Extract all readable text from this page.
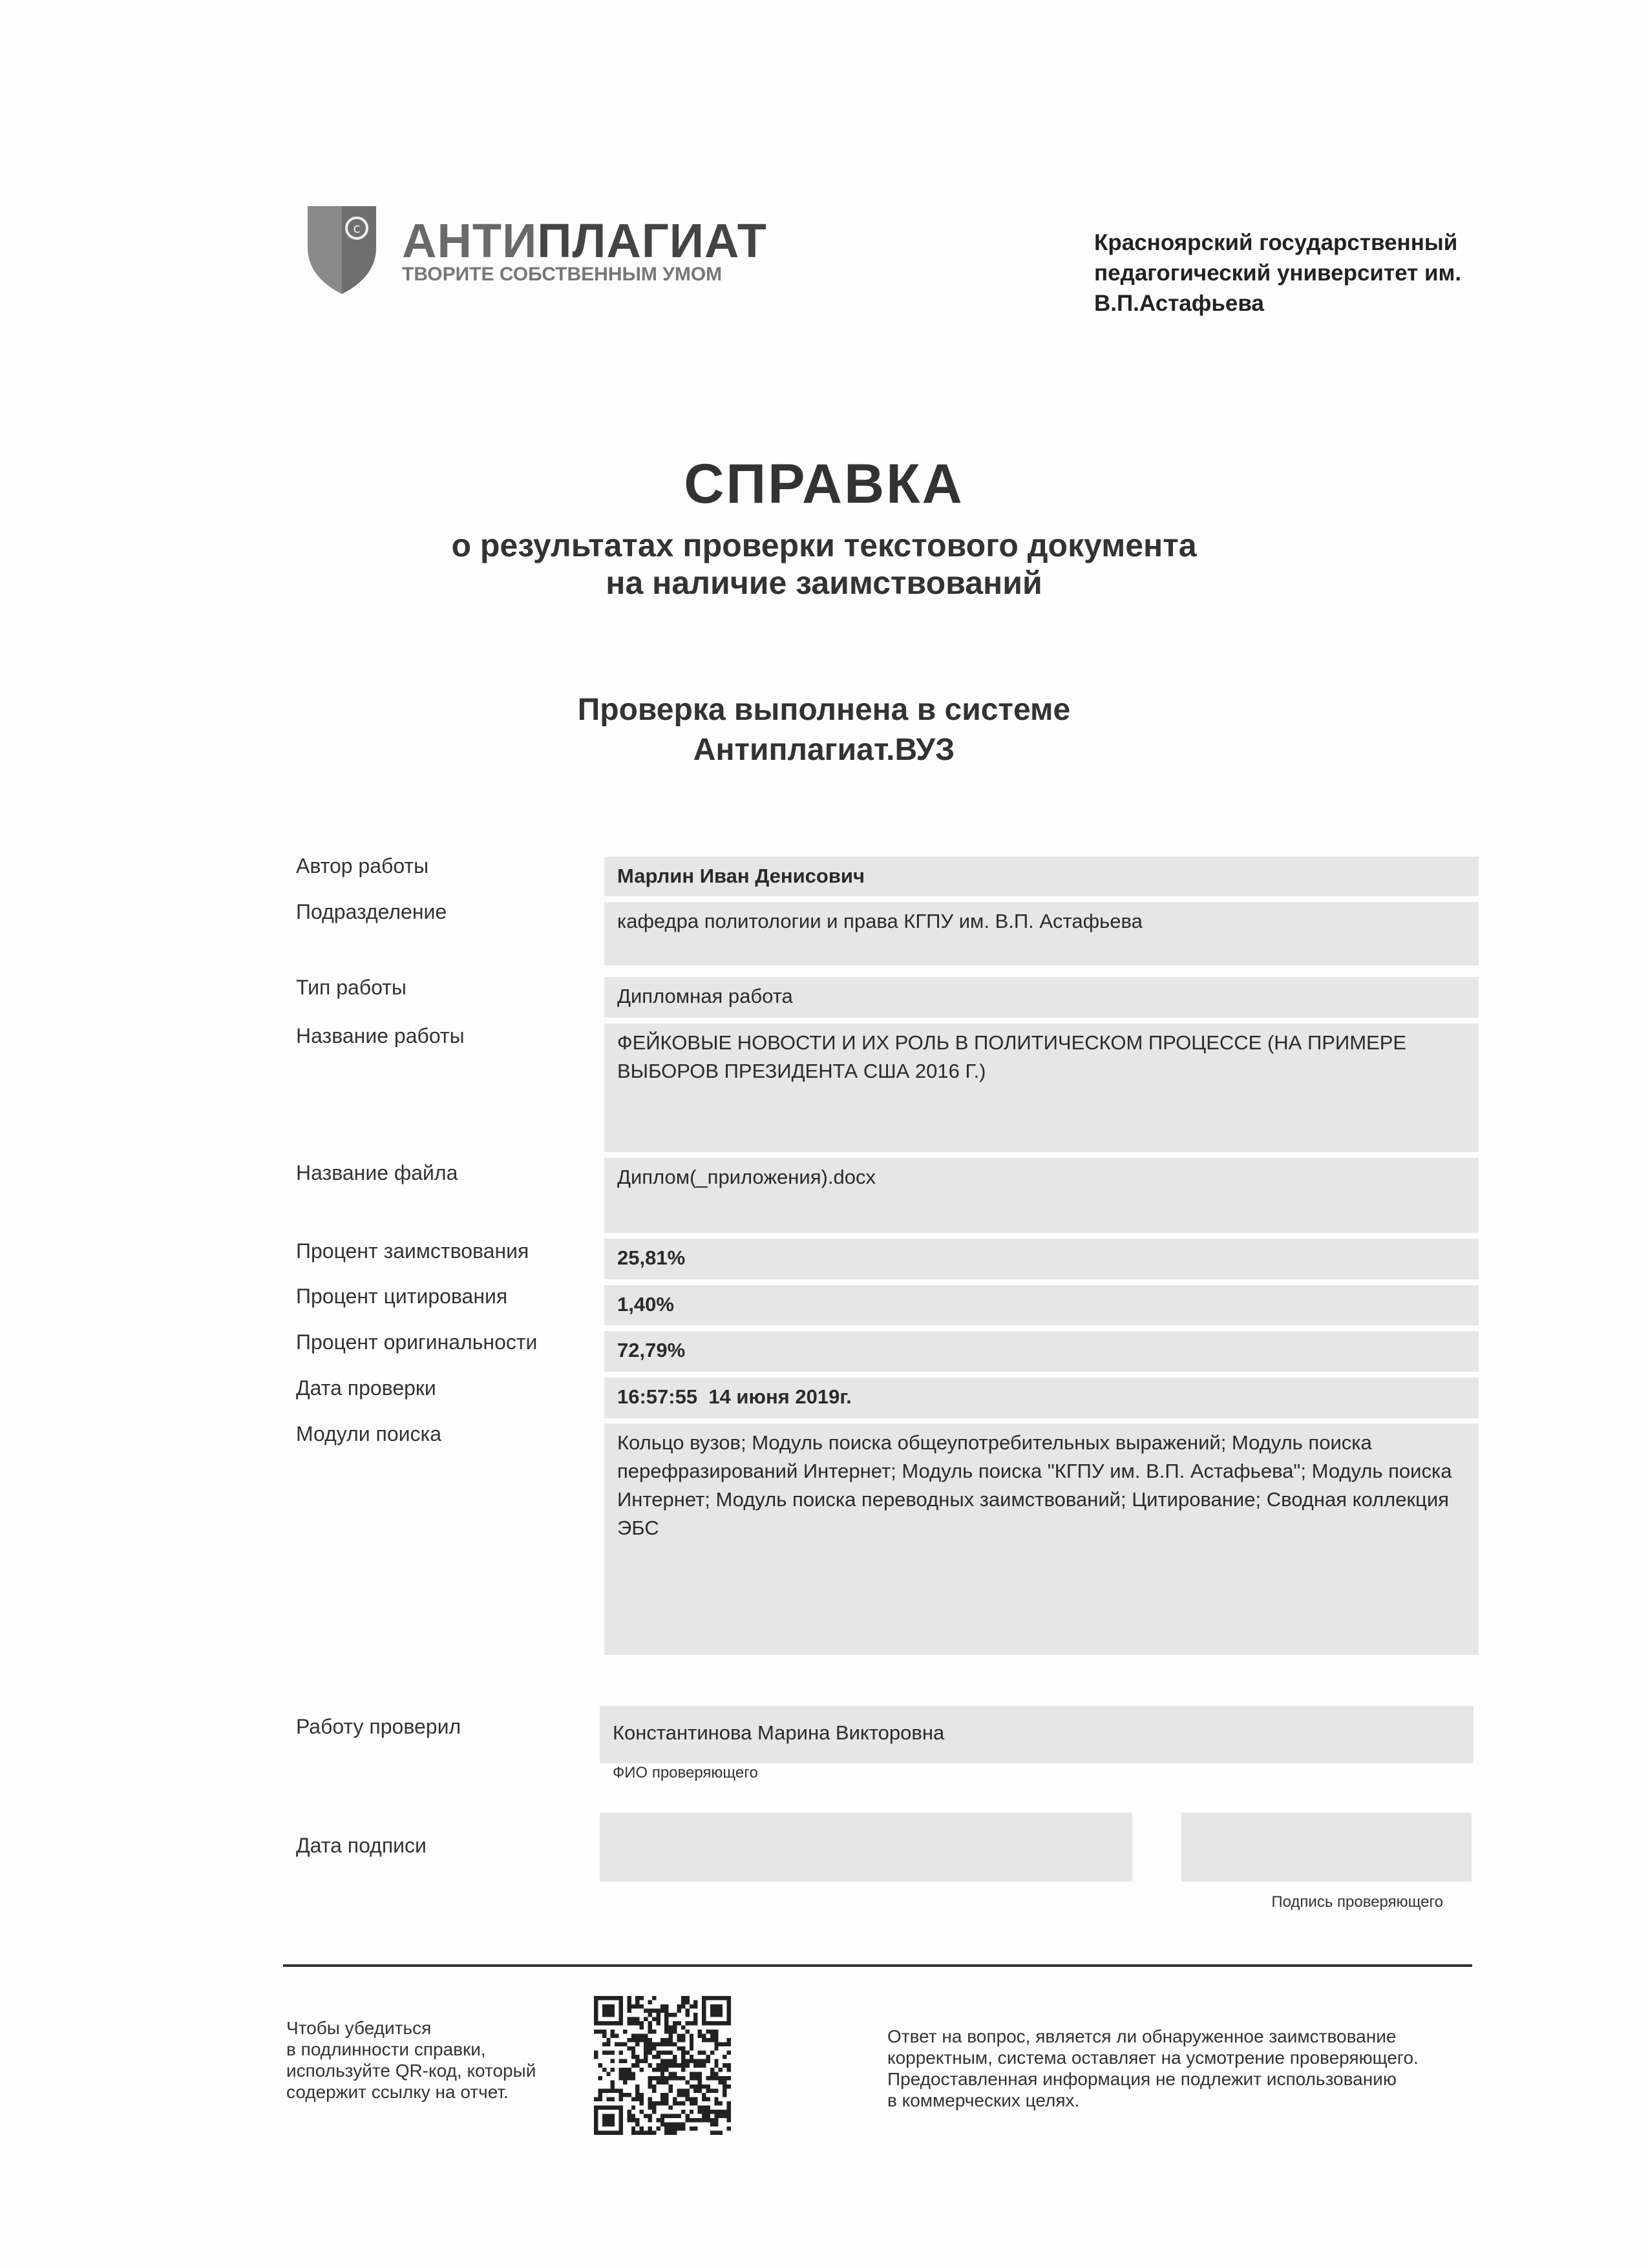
c АНТИПЛАГИАТ
ТВОРИТЕ СОБСТВЕННЫМ УМОМ
Красноярский государственный
педагогический университет им.
В.П.Астафьева
СПРАВКА
о результатах проверки текстового документа
на наличие заимствований
Проверка выполнена в системе
Антиплагиат.ВУЗ
Автор работы	Марлин Иван Денисович
Подразделение	кафедра политологии и права КГПУ им. В.П. Астафьева
Тип работы	Дипломная работа
Название работы	ФЕЙКОВЫЕ НОВОСТИ И ИХ РОЛЬ В ПОЛИТИЧЕСКОМ ПРОЦЕССЕ (НА ПРИМЕРЕ ВЫБОРОВ ПРЕЗИДЕНТА США 2016 Г.)
Название файла	Диплом(_приложения).docx
Процент заимствования	25,81%
Процент цитирования	1,40%
Процент оригинальности	72,79%
Дата проверки	16:57:55  14 июня 2019г.
Модули поиска	Кольцо вузов; Модуль поиска общеупотребительных выражений; Модуль поиска перефразирований Интернет; Модуль поиска "КГПУ им. В.П. Астафьева"; Модуль поиска Интернет; Модуль поиска переводных заимствований; Цитирование; Сводная коллекция ЭБС
Работу проверил	Константинова Марина Викторовна
ФИО проверяющего
Дата подписи
Подпись проверяющего
Чтобы убедиться
в подлинности справки,
используйте QR-код, который
содержит ссылку на отчет.
Ответ на вопрос, является ли обнаруженное заимствование
корректным, система оставляет на усмотрение проверяющего.
Предоставленная информация не подлежит использованию
в коммерческих целях.
